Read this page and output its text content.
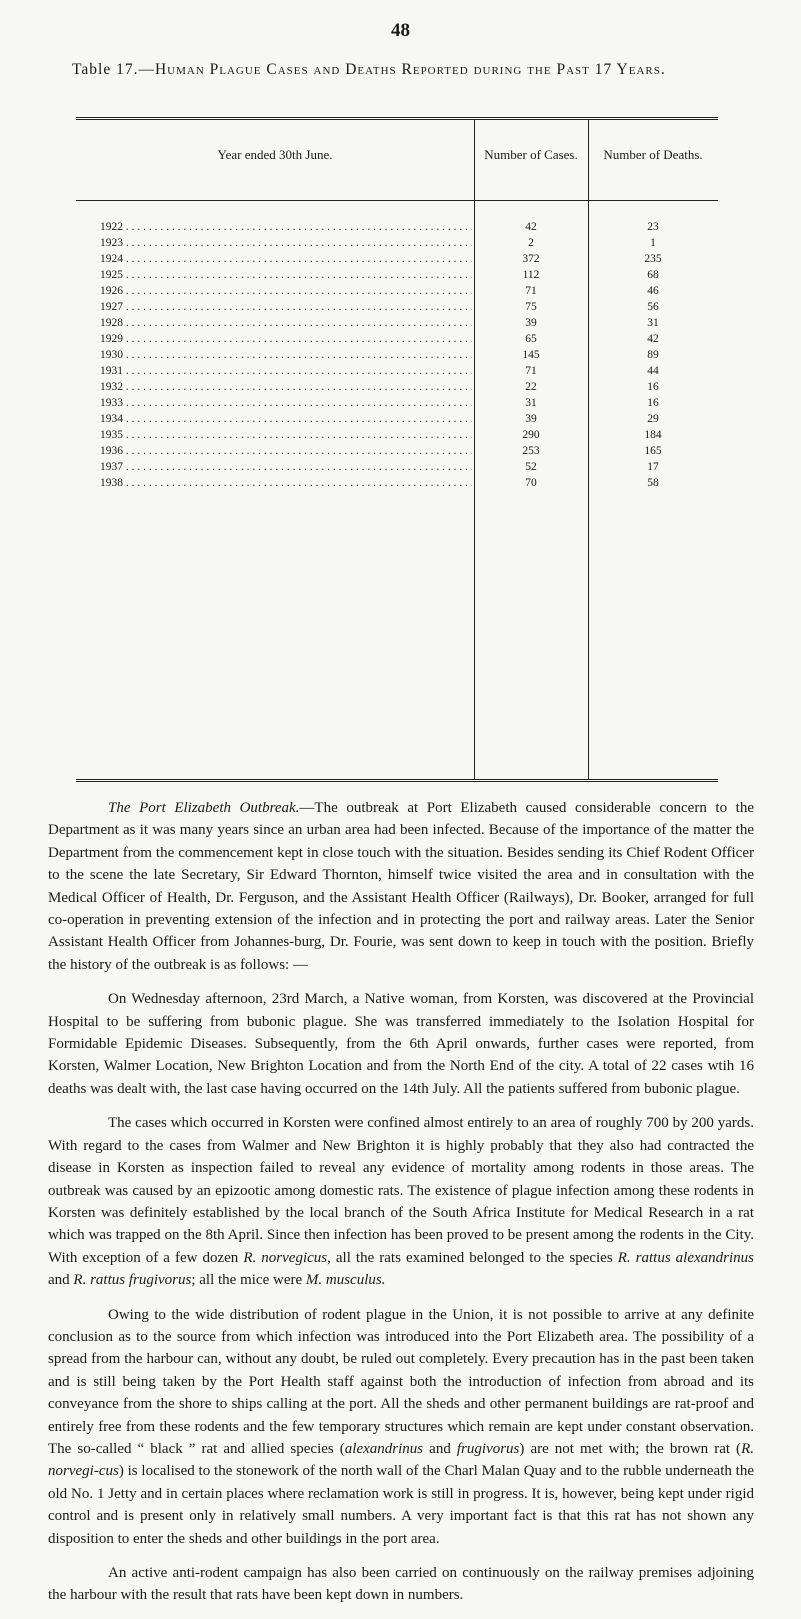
48
Table 17.—Human Plague Cases and Deaths Reported during the Past 17 Years.
Year ended 30th June.	Number of Cases.	Number of Deaths.
1922 . . .	42	23
1923 . . .	2	1
1924 . . .	372	235
1925 . . .	112	68
1926 . . .	71	46
1927 . . .	75	56
1928 . . .	39	31
1929 . . .	65	42
1930 . . .	145	89
1931 . . .	71	44
1932 . . .	22	16
1933 . . .	31	16
1934 . . .	39	29
1935 . . .	290	184
1936 . . .	253	165
1937 . . .	52	17
1938 . . .	70	58

The Port Elizabeth Outbreak.—The outbreak at Port Elizabeth caused considerable concern to the Department as it was many years since an urban area had been infected. Because of the importance of the matter the Department from the commencement kept in close touch with the situation. Besides sending its Chief Rodent Officer to the scene the late Secretary, Sir Edward Thornton, himself twice visited the area and in consultation with the Medical Officer of Health, Dr. Ferguson, and the Assistant Health Officer (Railways), Dr. Booker, arranged for full co-operation in preventing extension of the infection and in protecting the port and railway areas. Later the Senior Assistant Health Officer from Johannes-burg, Dr. Fourie, was sent down to keep in touch with the position. Briefly the history of the outbreak is as follows: —

On Wednesday afternoon, 23rd March, a Native woman, from Korsten, was discovered at the Provincial Hospital to be suffering from bubonic plague. She was transferred immediately to the Isolation Hospital for Formidable Epidemic Diseases. Subsequently, from the 6th April onwards, further cases were reported, from Korsten, Walmer Location, New Brighton Location and from the North End of the city. A total of 22 cases wtih 16 deaths was dealt with, the last case having occurred on the 14th July. All the patients suffered from bubonic plague.

The cases which occurred in Korsten were confined almost entirely to an area of roughly 700 by 200 yards. With regard to the cases from Walmer and New Brighton it is highly probably that they also had contracted the disease in Korsten as inspection failed to reveal any evidence of mortality among rodents in those areas. The outbreak was caused by an epizootic among domestic rats. The existence of plague infection among these rodents in Korsten was definitely established by the local branch of the South Africa Institute for Medical Research in a rat which was trapped on the 8th April. Since then infection has been proved to be present among the rodents in the City. With exception of a few dozen R. norvegicus, all the rats examined belonged to the species R. rattus alexandrinus and R. rattus frugivorus; all the mice were M. musculus.

Owing to the wide distribution of rodent plague in the Union, it is not possible to arrive at any definite conclusion as to the source from which infection was introduced into the Port Elizabeth area. The possibility of a spread from the harbour can, without any doubt, be ruled out completely. Every precaution has in the past been taken and is still being taken by the Port Health staff against both the introduction of infection from abroad and its conveyance from the shore to ships calling at the port. All the sheds and other permanent buildings are rat-proof and entirely free from these rodents and the few temporary structures which remain are kept under constant observation. The so-called “ black ” rat and allied species (alexandrinus and frugivorus) are not met with; the brown rat (R. norvegi-cus) is localised to the stonework of the north wall of the Charl Malan Quay and to the rubble underneath the old No. 1 Jetty and in certain places where reclamation work is still in progress. It is, however, being kept under rigid control and is present only in relatively small numbers. A very important fact is that this rat has not shown any disposition to enter the sheds and other buildings in the port area.

An active anti-rodent campaign has also been carried on continuously on the railway premises adjoining the harbour with the result that rats have been kept down in numbers.
